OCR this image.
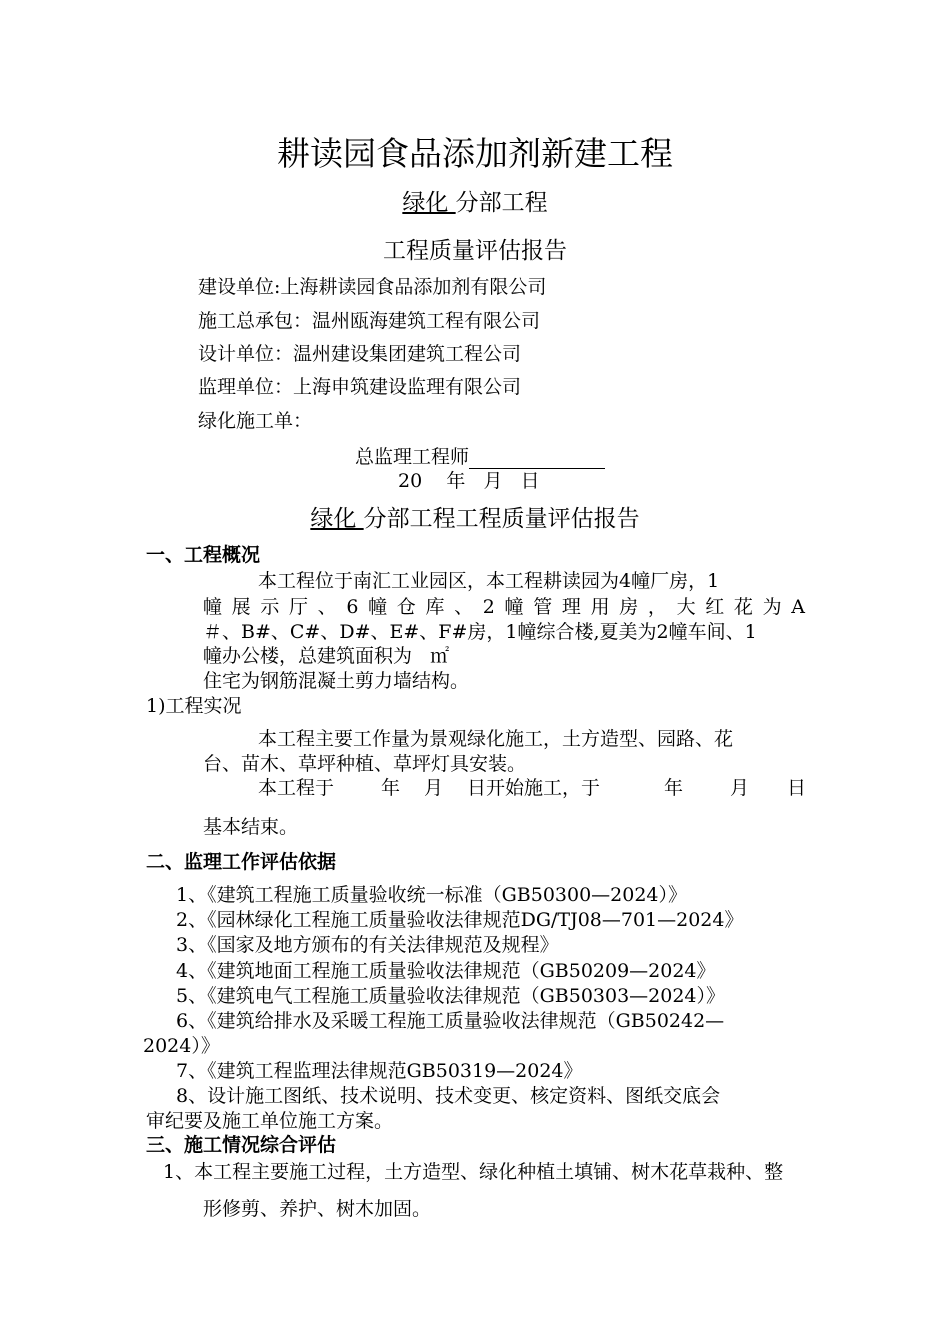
耕读园食品添加剂新建工程
绿化 分部工程
工程质量评估报告
建设单位:上海耕读园食品添加剂有限公司
施工总承包：温州瓯海建筑工程有限公司
设计单位：温州建设集团建筑工程公司
监理单位：上海申筑建设监理有限公司
绿化施工单：
总监理工程师
20    年   月   日
绿化 分部工程工程质量评估报告
一、工程概况
本工程位于南汇工业园区，本工程耕读园为4幢厂房，1
幢展示厅、6幢仓库、2幢管理用房，大红花为A
＃、B#、C#、D#、E#、F#房，1幢综合楼,夏美为2幢车间、1
幢办公楼，总建筑面积为   ㎡
住宅为钢筋混凝土剪力墙结构。
1)工程实况
本工程主要工作量为景观绿化施工，土方造型、园路、花
台、苗木、草坪种植、草坪灯具安装。
本工程于 年 月 日开始施工，于	年 月 日
基本结束。
二、监理工作评估依据
1、《建筑工程施工质量验收统一标准（GB50300—2024）》
2、《园林绿化工程施工质量验收法律规范DG/TJ08—701—2024》
3、《国家及地方颁布的有关法律规范及规程》
4、《建筑地面工程施工质量验收法律规范（GB50209—2024》
5、《建筑电气工程施工质量验收法律规范（GB50303—2024）》
6、《建筑给排水及采暖工程施工质量验收法律规范（GB50242—
2024）》
7、《建筑工程监理法律规范GB50319—2024》
8、设计施工图纸、技术说明、技术变更、核定资料、图纸交底会
审纪要及施工单位施工方案。
三、施工情况综合评估
1、本工程主要施工过程，土方造型、绿化种植土填铺、树木花草栽种、整
形修剪、养护、树木加固。
